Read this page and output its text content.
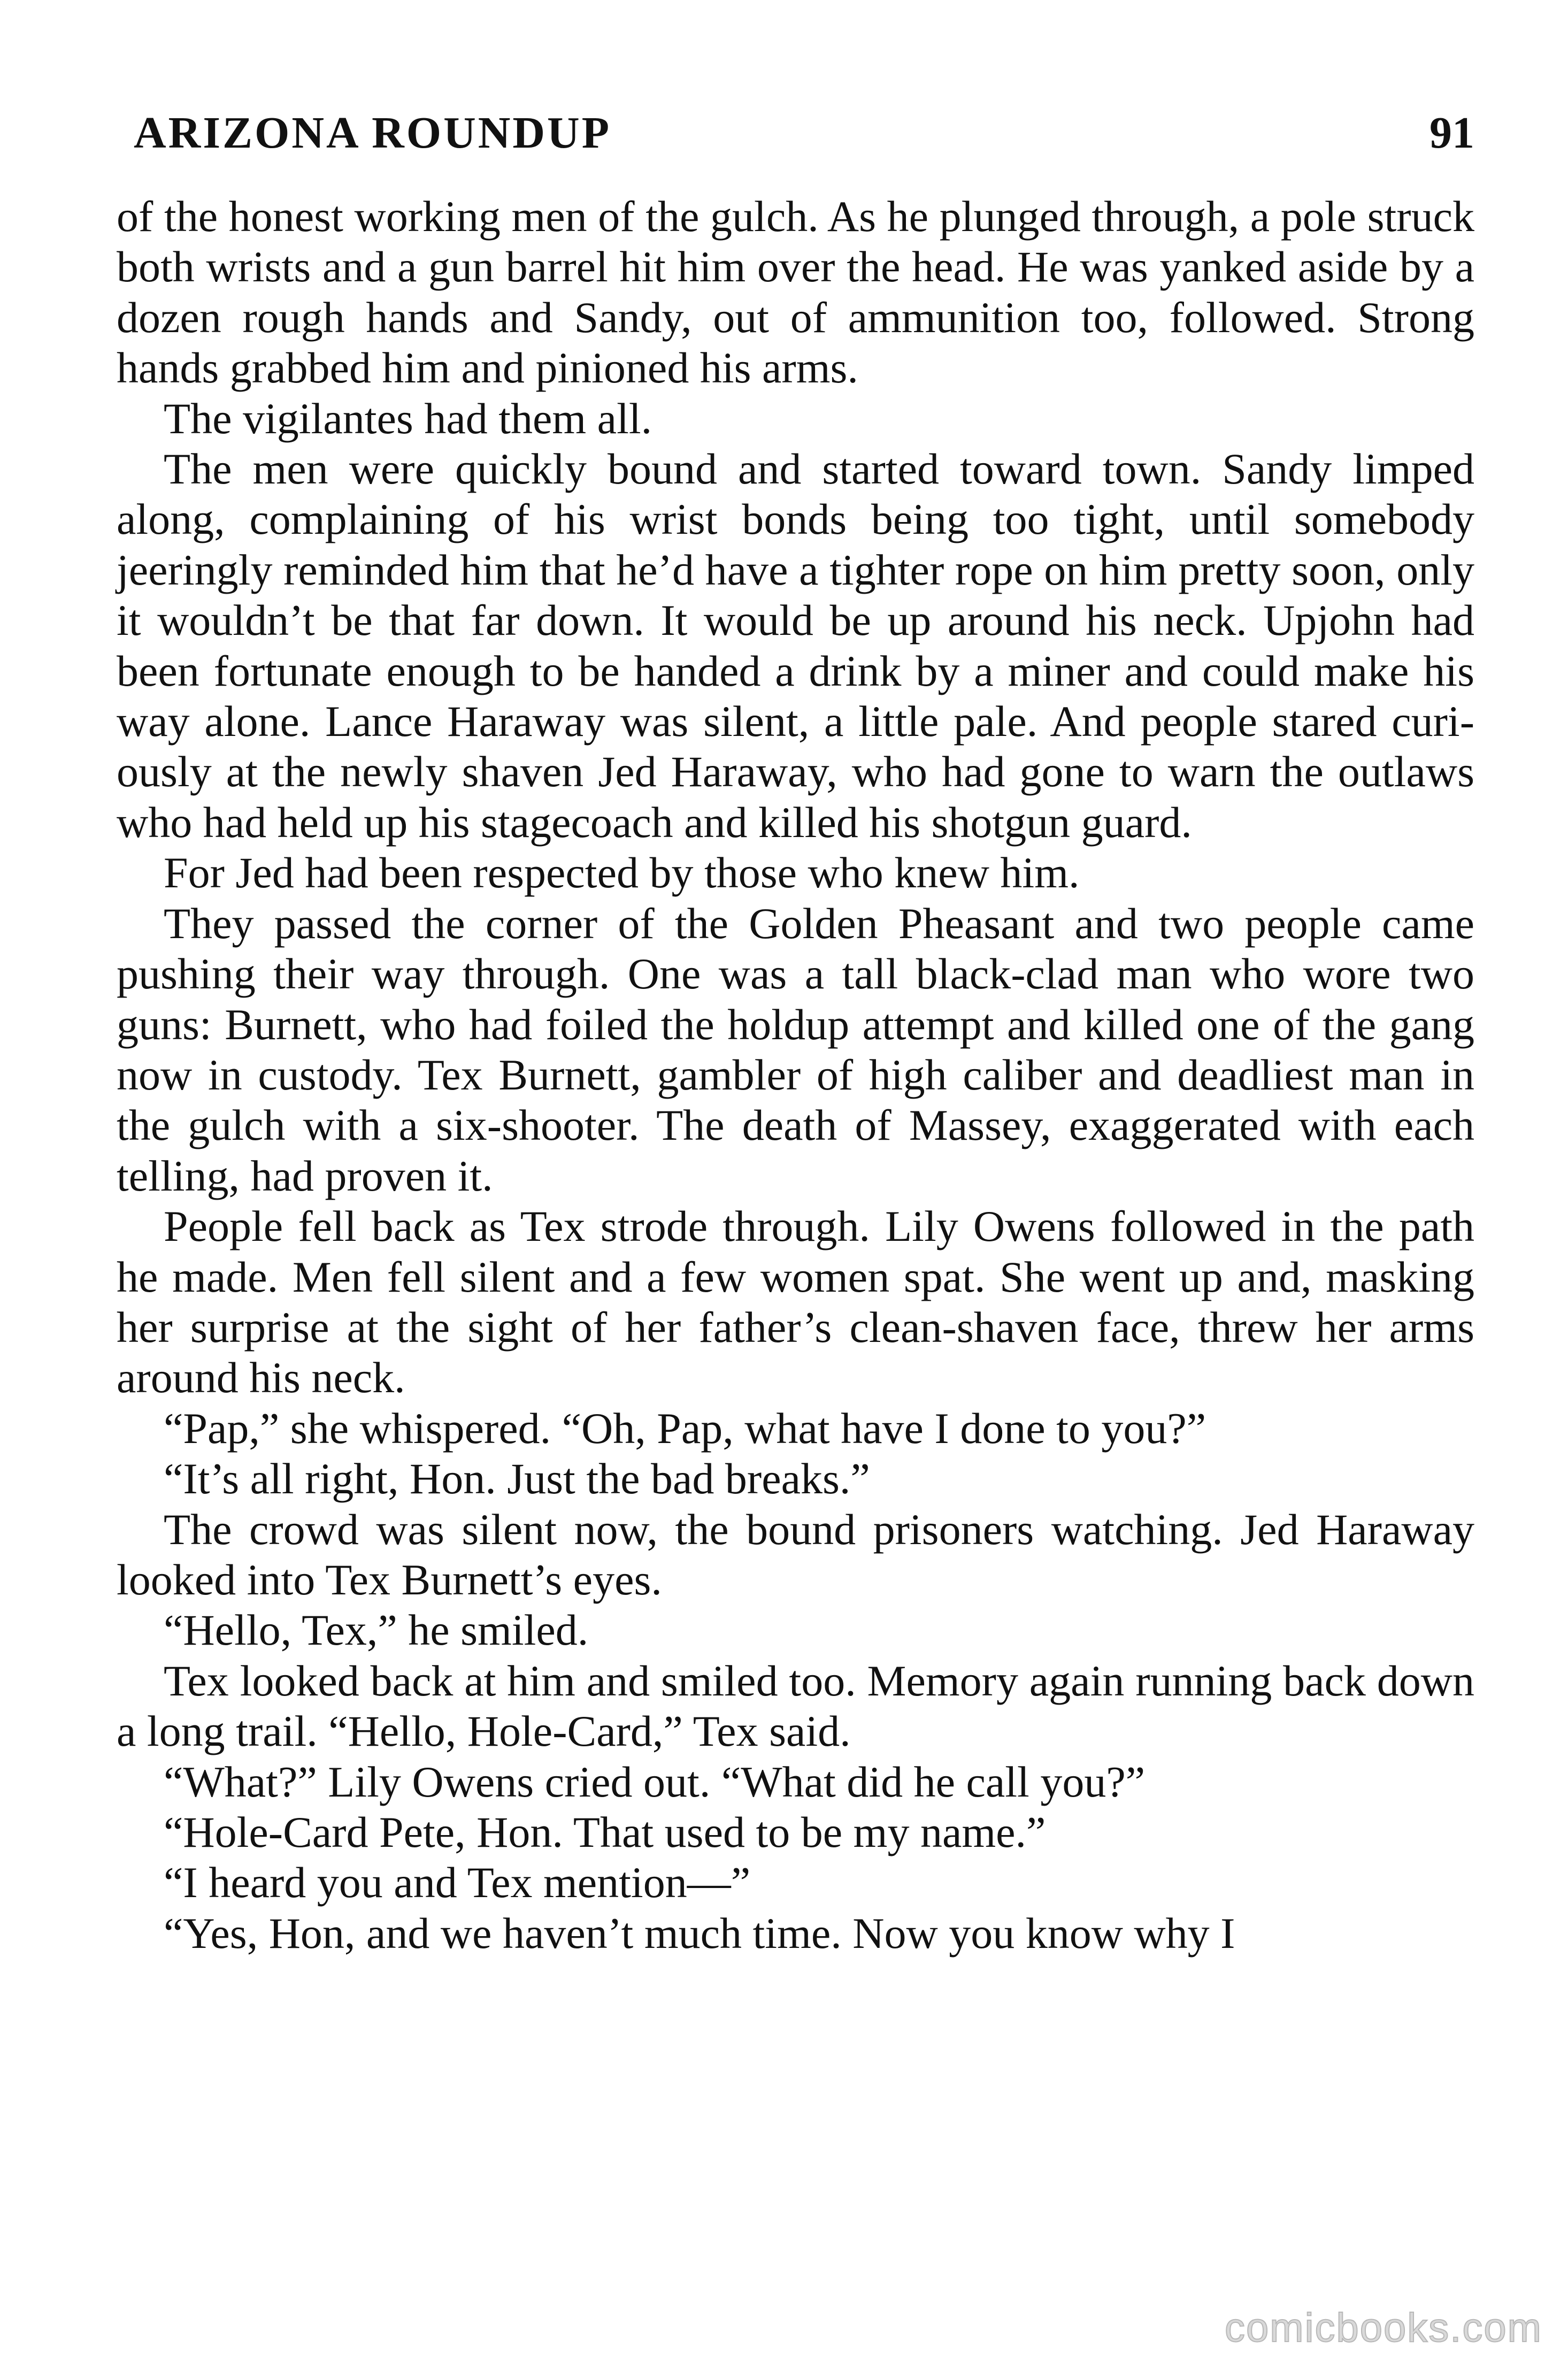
ARIZONA ROUNDUP	91

of the honest working men of the gulch. As he plunged through, a pole struck both wrists and a gun barrel hit him over the head. He was yanked aside by a dozen rough hands and Sandy, out of ammunition too, followed. Strong hands grabbed him and pinioned his arms.

The vigilantes had them all.

The men were quickly bound and started toward town. Sandy limped along, complaining of his wrist bonds being too tight, until somebody jeeringly reminded him that he’d have a tighter rope on him pretty soon, only it wouldn’t be that far down. It would be up around his neck. Upjohn had been fortunate enough to be handed a drink by a miner and could make his way alone. Lance Haraway was silent, a little pale. And people stared curiously at the newly shaven Jed Haraway, who had gone to warn the outlaws who had held up his stagecoach and killed his shotgun guard.

For Jed had been respected by those who knew him.

They passed the corner of the Golden Pheasant and two people came pushing their way through. One was a tall black-clad man who wore two guns: Burnett, who had foiled the holdup attempt and killed one of the gang now in custody. Tex Burnett, gambler of high caliber and deadliest man in the gulch with a six-shooter. The death of Massey, exaggerated with each telling, had proven it.

People fell back as Tex strode through. Lily Owens followed in the path he made. Men fell silent and a few women spat. She went up and, masking her surprise at the sight of her father’s clean-shaven face, threw her arms around his neck.

“Pap,” she whispered. “Oh, Pap, what have I done to you?”

“It’s all right, Hon. Just the bad breaks.”

The crowd was silent now, the bound prisoners watching. Jed Haraway looked into Tex Burnett’s eyes.

“Hello, Tex,” he smiled.

Tex looked back at him and smiled too. Memory again running back down a long trail. “Hello, Hole-Card,” Tex said.

“What?” Lily Owens cried out. “What did he call you?”

“Hole-Card Pete, Hon. That used to be my name.”

“I heard you and Tex mention—”

“Yes, Hon, and we haven’t much time. Now you know why I

comicbooks.com
